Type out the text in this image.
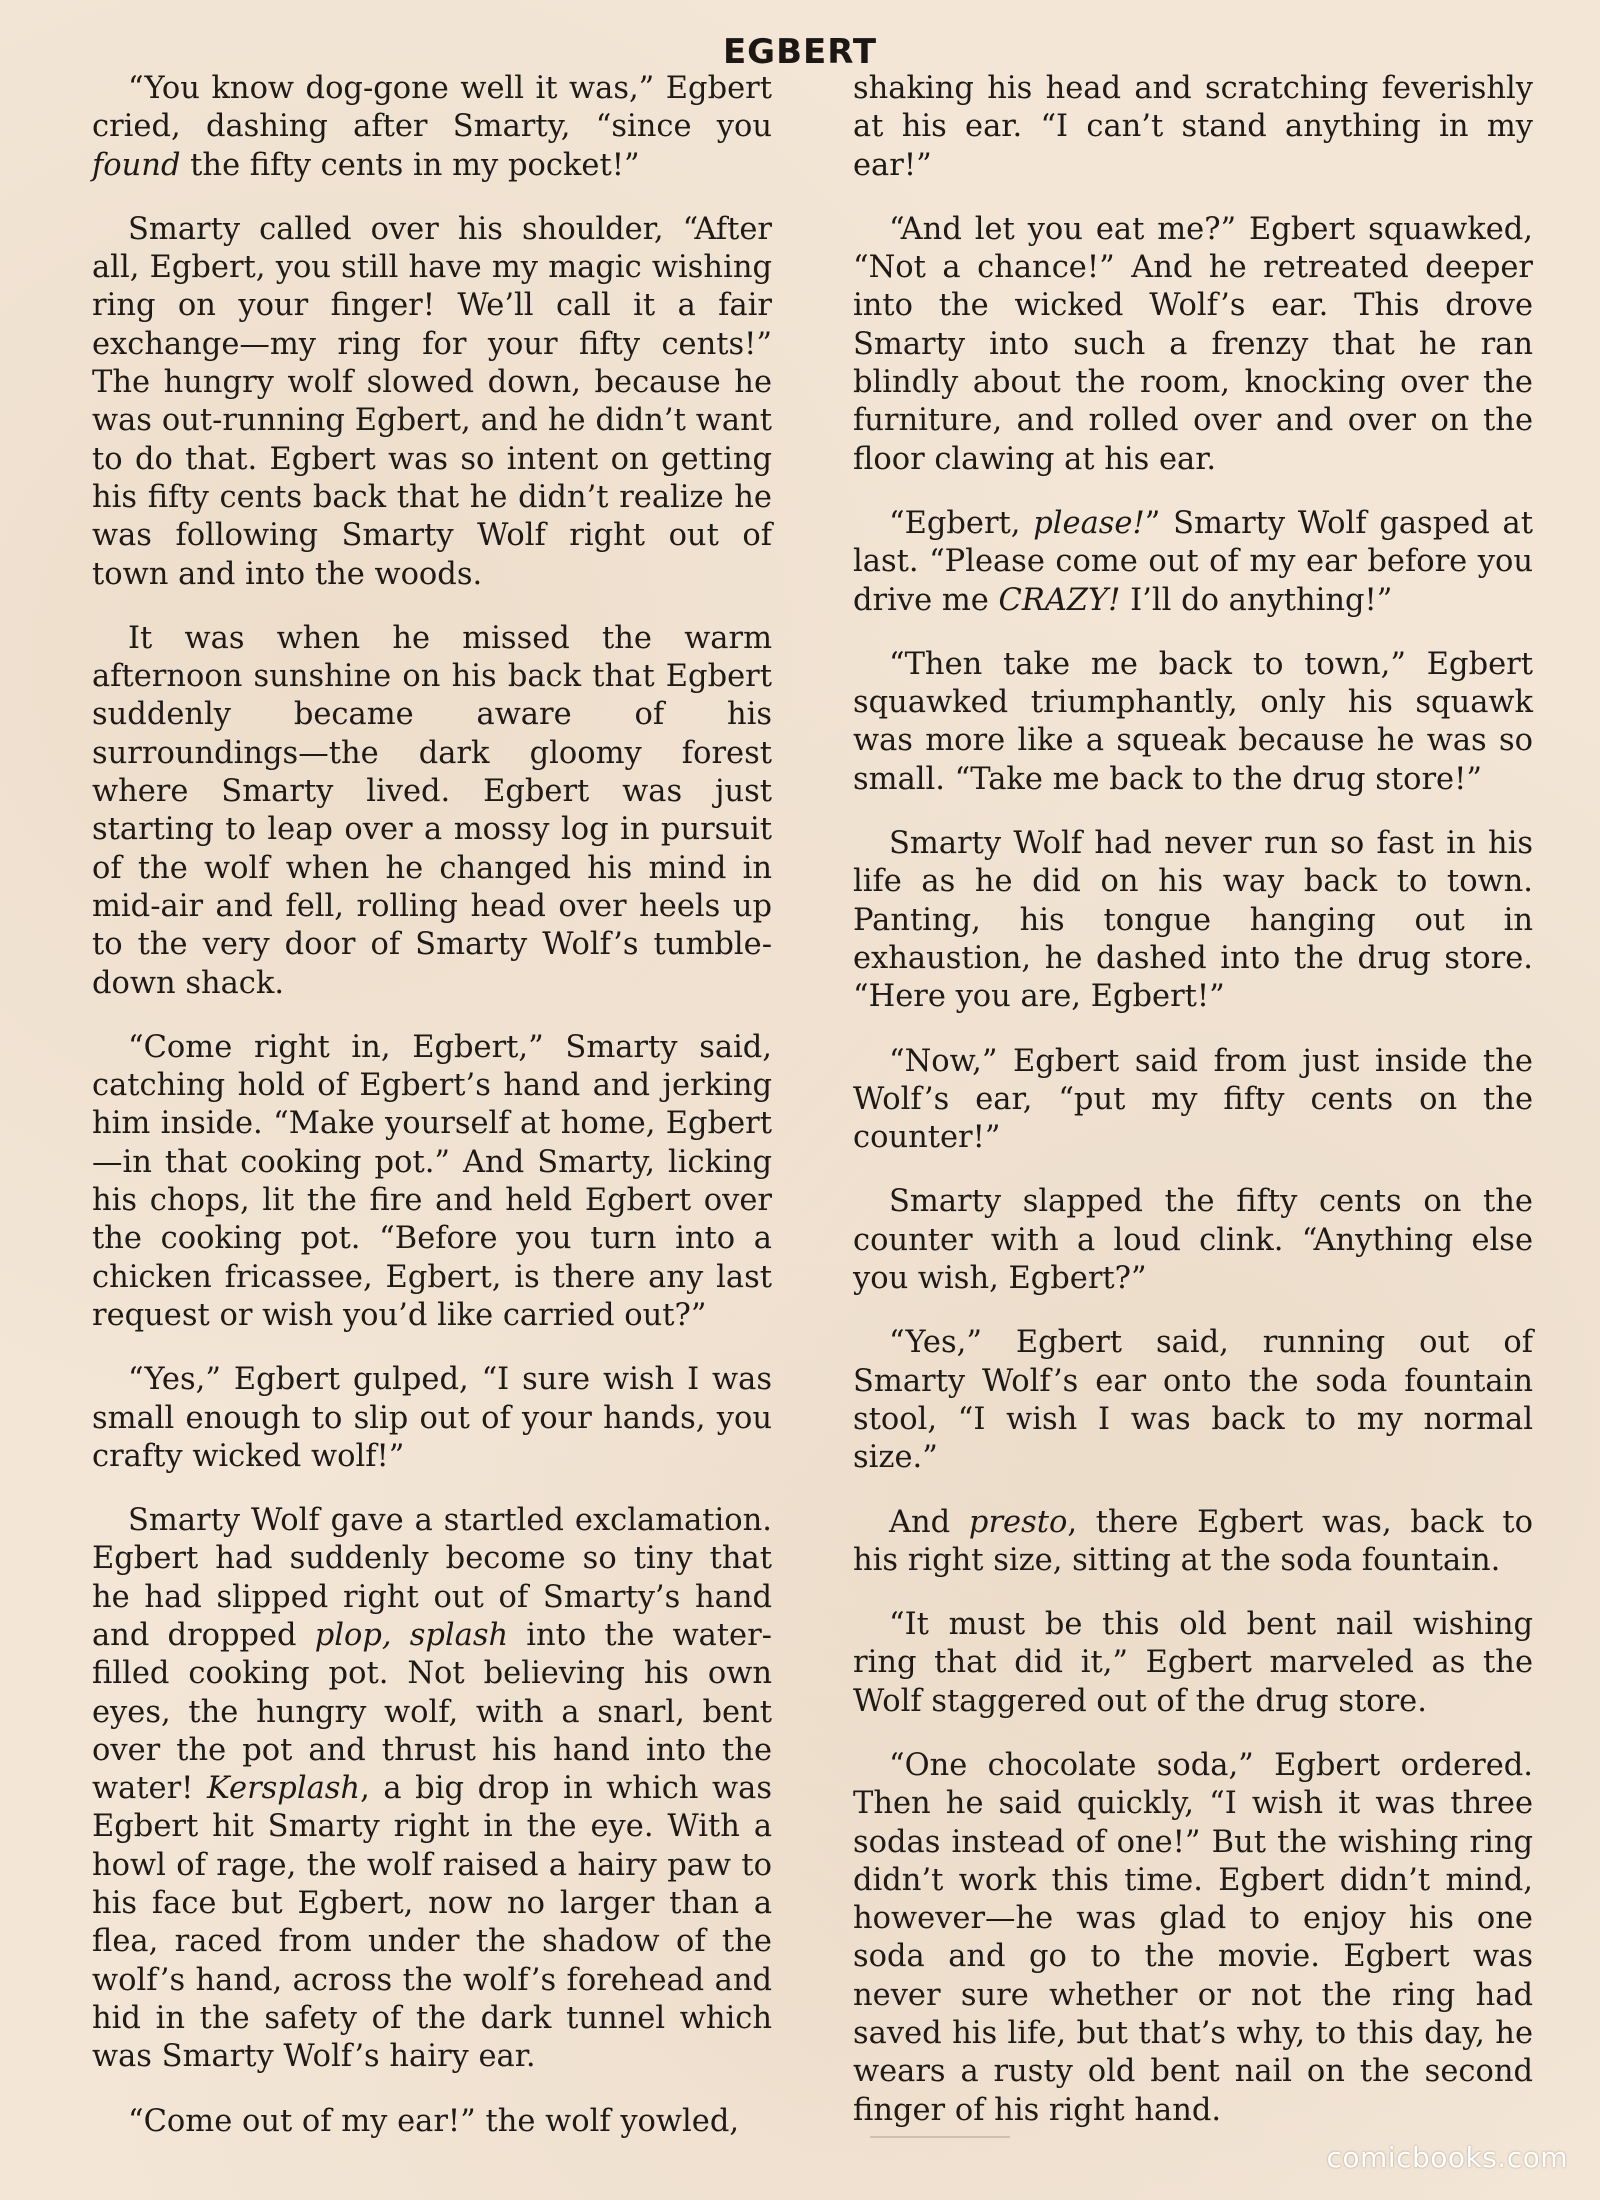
EGBERT

“You know dog-gone well it was,” Egbert cried, dashing after Smarty, “since you found the fifty cents in my pocket!”

Smarty called over his shoulder, “After all, Egbert, you still have my magic wishing ring on your finger! We’ll call it a fair exchange—my ring for your fifty cents!” The hungry wolf slowed down, because he was out-running Egbert, and he didn’t want to do that. Egbert was so intent on getting his fifty cents back that he didn’t realize he was following Smarty Wolf right out of town and into the woods.

It was when he missed the warm afternoon sunshine on his back that Egbert suddenly became aware of his surroundings—the dark gloomy forest where Smarty lived. Egbert was just starting to leap over a mossy log in pursuit of the wolf when he changed his mind in mid-air and fell, rolling head over heels up to the very door of Smarty Wolf’s tumble-down shack.

“Come right in, Egbert,” Smarty said, catching hold of Egbert’s hand and jerking him inside. “Make yourself at home, Egbert—in that cooking pot.” And Smarty, licking his chops, lit the fire and held Egbert over the cooking pot. “Before you turn into a chicken fricassee, Egbert, is there any last request or wish you’d like carried out?”

“Yes,” Egbert gulped, “I sure wish I was small enough to slip out of your hands, you crafty wicked wolf!”

Smarty Wolf gave a startled exclamation. Egbert had suddenly become so tiny that he had slipped right out of Smarty’s hand and dropped plop, splash into the water-filled cooking pot. Not believing his own eyes, the hungry wolf, with a snarl, bent over the pot and thrust his hand into the water! Kersplash, a big drop in which was Egbert hit Smarty right in the eye. With a howl of rage, the wolf raised a hairy paw to his face but Egbert, now no larger than a flea, raced from under the shadow of the wolf’s hand, across the wolf’s forehead and hid in the safety of the dark tunnel which was Smarty Wolf’s hairy ear.

“Come out of my ear!” the wolf yowled,

shaking his head and scratching feverishly at his ear. “I can’t stand anything in my ear!”

“And let you eat me?” Egbert squawked, “Not a chance!” And he retreated deeper into the wicked Wolf’s ear. This drove Smarty into such a frenzy that he ran blindly about the room, knocking over the furniture, and rolled over and over on the floor clawing at his ear.

“Egbert, please!” Smarty Wolf gasped at last. “Please come out of my ear before you drive me CRAZY! I’ll do anything!”

“Then take me back to town,” Egbert squawked triumphantly, only his squawk was more like a squeak because he was so small. “Take me back to the drug store!”

Smarty Wolf had never run so fast in his life as he did on his way back to town. Panting, his tongue hanging out in exhaustion, he dashed into the drug store. “Here you are, Egbert!”

“Now,” Egbert said from just inside the Wolf’s ear, “put my fifty cents on the counter!”

Smarty slapped the fifty cents on the counter with a loud clink. “Anything else you wish, Egbert?”

“Yes,” Egbert said, running out of Smarty Wolf’s ear onto the soda fountain stool, “I wish I was back to my normal size.”

And presto, there Egbert was, back to his right size, sitting at the soda fountain.

“It must be this old bent nail wishing ring that did it,” Egbert marveled as the Wolf staggered out of the drug store.

“One chocolate soda,” Egbert ordered. Then he said quickly, “I wish it was three sodas instead of one!” But the wishing ring didn’t work this time. Egbert didn’t mind, however—he was glad to enjoy his one soda and go to the movie. Egbert was never sure whether or not the ring had saved his life, but that’s why, to this day, he wears a rusty old bent nail on the second finger of his right hand.

comicbooks.com
